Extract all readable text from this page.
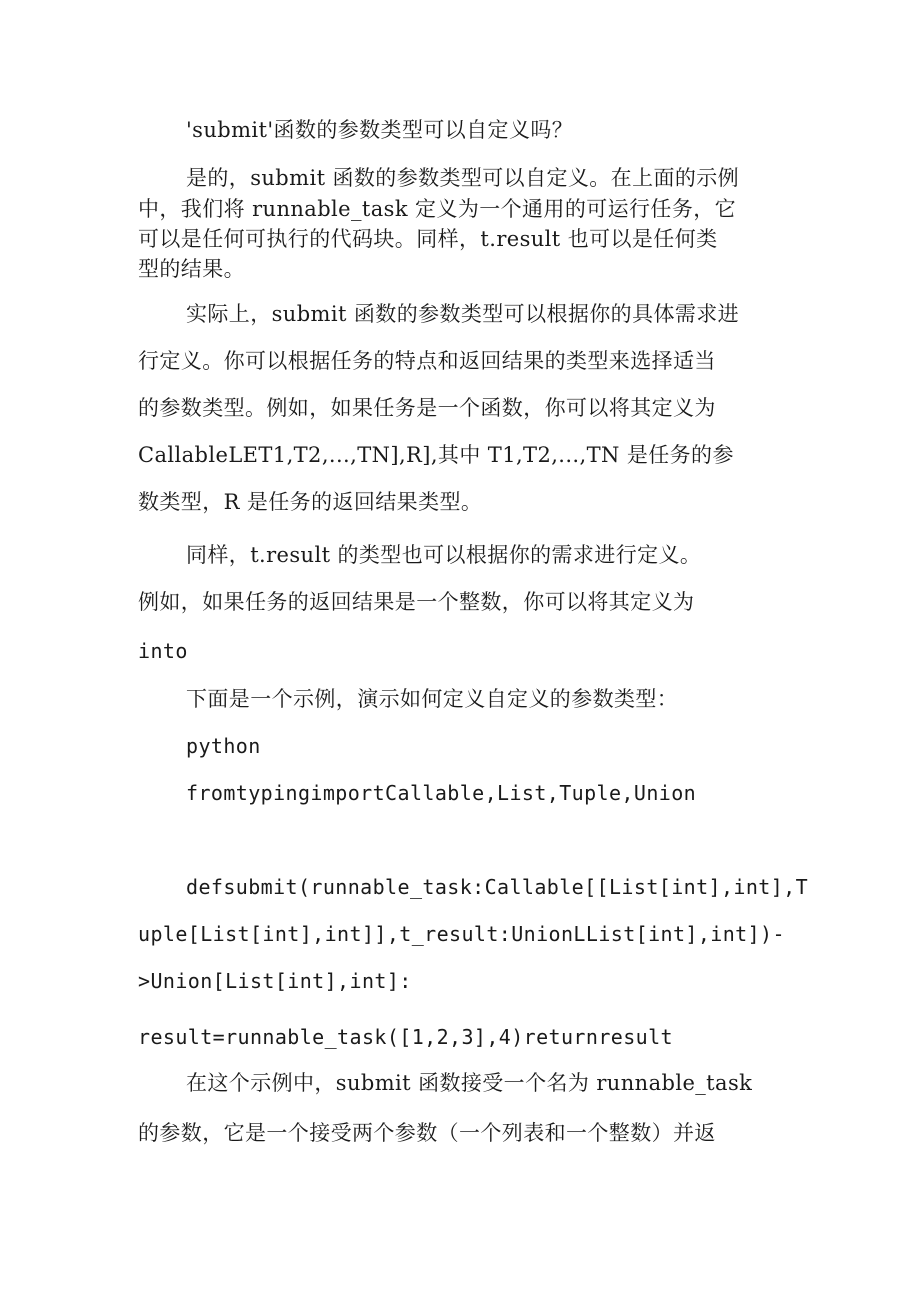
'submit'函数的参数类型可以自定义吗？
是的，submit 函数的参数类型可以自定义。在上面的示例
中，我们将 runnable_task 定义为一个通用的可运行任务，它
可以是任何可执行的代码块。同样，t.result 也可以是任何类
型的结果。
实际上，submit 函数的参数类型可以根据你的具体需求进
行定义。你可以根据任务的特点和返回结果的类型来选择适当
的参数类型。例如，如果任务是一个函数，你可以将其定义为
CallableLET1,T2,...,TN],R],其中 T1,T2,...,TN 是任务的参
数类型，R 是任务的返回结果类型。
同样，t.result 的类型也可以根据你的需求进行定义。
例如，如果任务的返回结果是一个整数，你可以将其定义为
into
下面是一个示例，演示如何定义自定义的参数类型：
python
fromtypingimportCallable,List,Tuple,Union
defsubmit(runnable_task:Callable[[List[int],int],T
uple[List[int],int]],t_result:UnionLList[int],int])-
>Union[List[int],int]:
result=runnable_task([1,2,3],4)returnresult
在这个示例中，submit 函数接受一个名为 runnable_task
的参数，它是一个接受两个参数（一个列表和一个整数）并返
